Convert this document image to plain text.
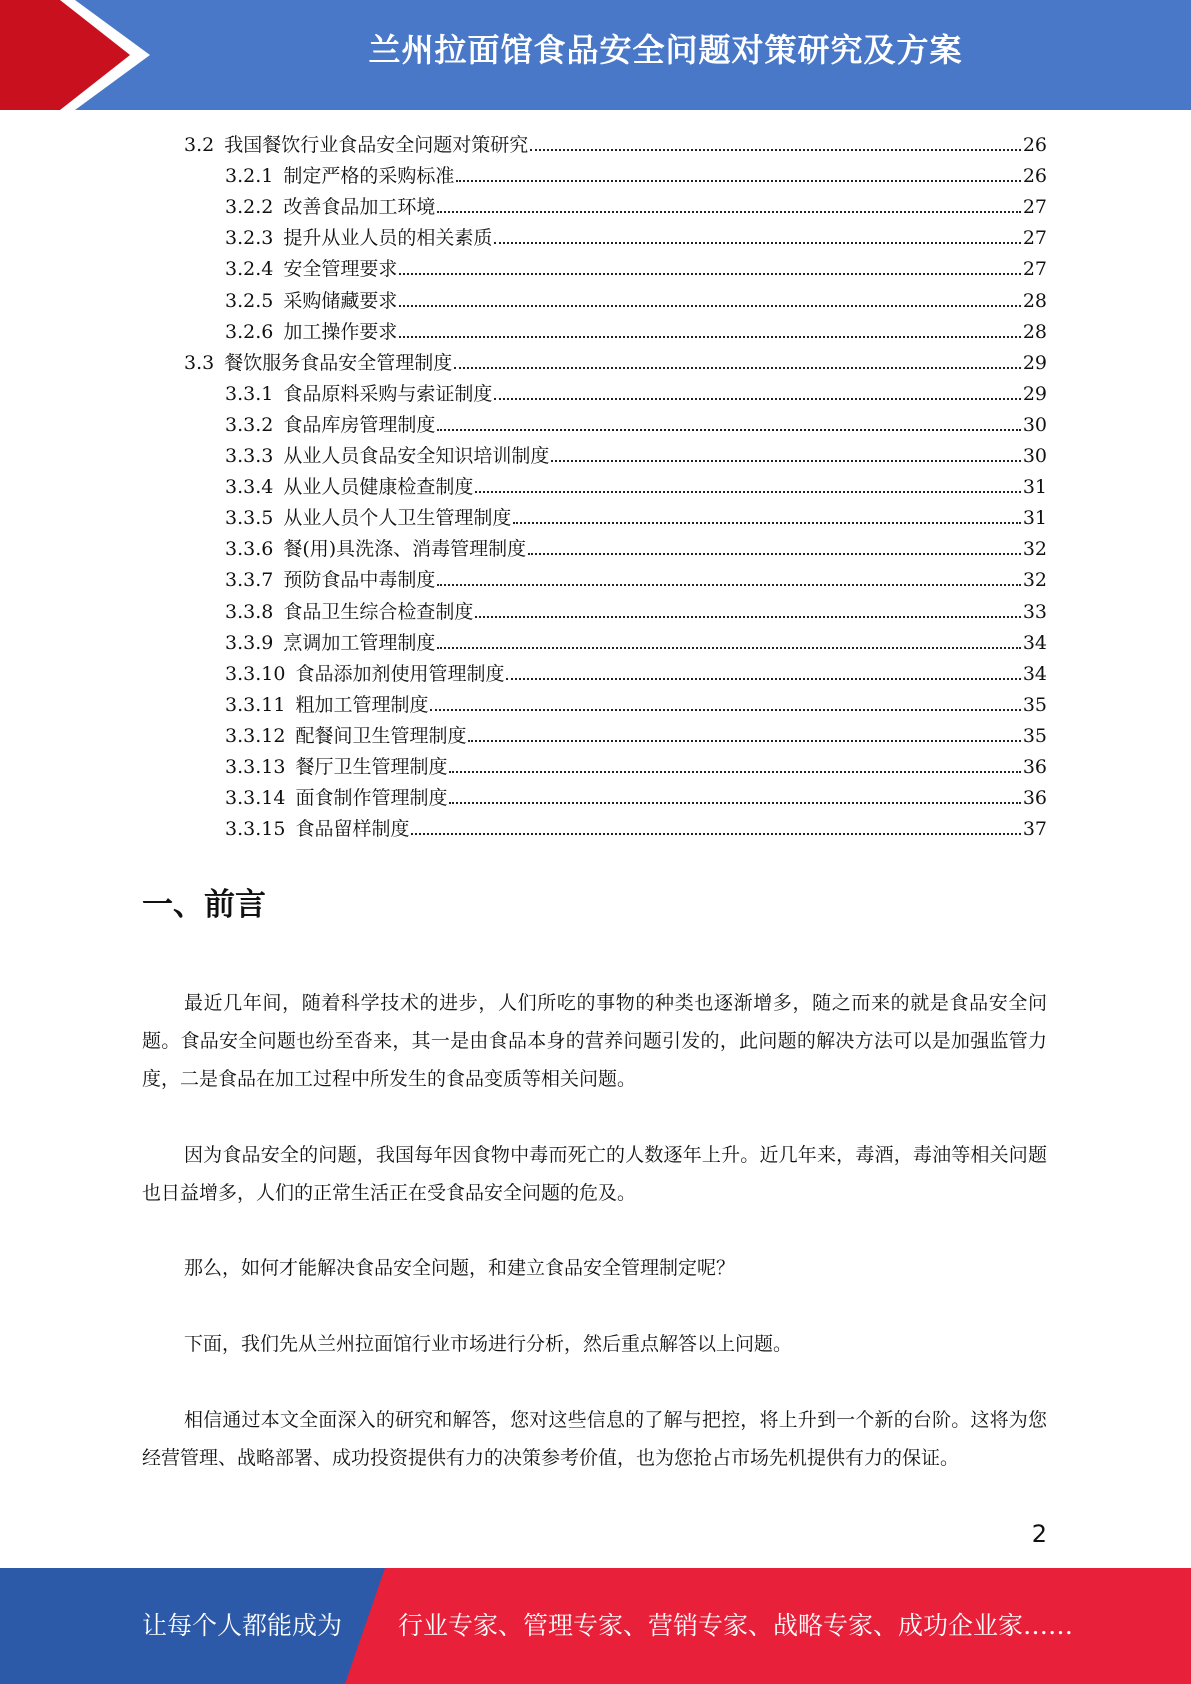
兰州拉面馆食品安全问题对策研究及方案
3.2 我国餐饮行业食品安全问题对策研究	26
3.2.1 制定严格的采购标准	26
3.2.2 改善食品加工环境	27
3.2.3 提升从业人员的相关素质	27
3.2.4 安全管理要求	27
3.2.5 采购储藏要求	28
3.2.6 加工操作要求	28
3.3 餐饮服务食品安全管理制度	29
3.3.1 食品原料采购与索证制度	29
3.3.2 食品库房管理制度	30
3.3.3 从业人员食品安全知识培训制度	30
3.3.4 从业人员健康检查制度	31
3.3.5 从业人员个人卫生管理制度	31
3.3.6 餐(用)具洗涤、消毒管理制度	32
3.3.7 预防食品中毒制度	32
3.3.8 食品卫生综合检查制度	33
3.3.9 烹调加工管理制度	34
3.3.10 食品添加剂使用管理制度	34
3.3.11 粗加工管理制度	35
3.3.12 配餐间卫生管理制度	35
3.3.13 餐厅卫生管理制度	36
3.3.14 面食制作管理制度	36
3.3.15 食品留样制度	37
一、前言

最近几年间，随着科学技术的进步，人们所吃的事物的种类也逐渐增多，随之而来的就是食品安全问题。食品安全问题也纷至沓来，其一是由食品本身的营养问题引发的，此问题的解决方法可以是加强监管力度，二是食品在加工过程中所发生的食品变质等相关问题。

因为食品安全的问题，我国每年因食物中毒而死亡的人数逐年上升。近几年来，毒酒，毒油等相关问题也日益增多，人们的正常生活正在受食品安全问题的危及。

那么，如何才能解决食品安全问题，和建立食品安全管理制定呢？

下面，我们先从兰州拉面馆行业市场进行分析，然后重点解答以上问题。

相信通过本文全面深入的研究和解答，您对这些信息的了解与把控，将上升到一个新的台阶。这将为您经营管理、战略部署、成功投资提供有力的决策参考价值，也为您抢占市场先机提供有力的保证。

2
让每个人都能成为 行业专家、管理专家、营销专家、战略专家、成功企业家……
